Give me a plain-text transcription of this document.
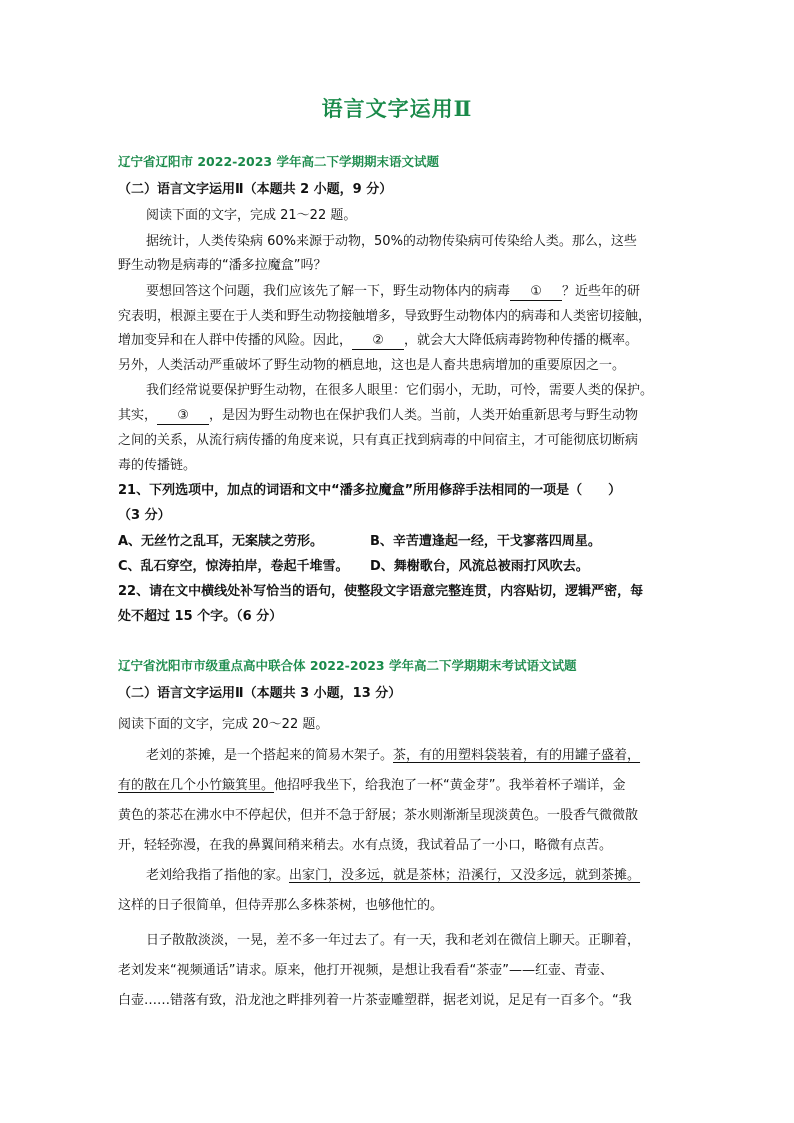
语言文字运用Ⅱ
辽宁省辽阳市 2022-2023 学年高二下学期期末语文试题
（二）语言文字运用Ⅱ（本题共 2 小题，9 分）
阅读下面的文字，完成 21～22 题。
据统计，人类传染病 60%来源于动物，50%的动物传染病可传染给人类。那么，这些
野生动物是病毒的“潘多拉魔盒”吗？
要想回答这个问题，我们应该先了解一下，野生动物体内的病毒 ① ？近些年的研
究表明，根源主要在于人类和野生动物接触增多，导致野生动物体内的病毒和人类密切接触，
增加变异和在人群中传播的风险。因此， ② ，就会大大降低病毒跨物种传播的概率。
另外，人类活动严重破坏了野生动物的栖息地，这也是人畜共患病增加的重要原因之一。
我们经常说要保护野生动物，在很多人眼里：它们弱小，无助，可怜，需要人类的保护。
其实， ③ ，是因为野生动物也在保护我们人类。当前，人类开始重新思考与野生动物
之间的关系，从流行病传播的角度来说，只有真正找到病毒的中间宿主，才可能彻底切断病
毒的传播链。
21、下列选项中，加点的词语和文中“潘多拉魔盒”所用修辞手法相同的一项是（　　）
（3 分）
A、无丝竹之乱耳，无案牍之劳形。	B、辛苦遭逢起一经，干戈寥落四周星。
C、乱石穿空，惊涛拍岸，卷起千堆雪。	D、舞榭歌台，风流总被雨打风吹去。
22、请在文中横线处补写恰当的语句，使整段文字语意完整连贯，内容贴切，逻辑严密，每
处不超过 15 个字。（6 分）
辽宁省沈阳市市级重点高中联合体 2022-2023 学年高二下学期期末考试语文试题
（二）语言文字运用Ⅱ（本题共 3 小题，13 分）
阅读下面的文字，完成 20～22 题。
老刘的茶摊，是一个搭起来的简易木架子。茶，有的用塑料袋装着，有的用罐子盛着，
有的散在几个小竹簸箕里。他招呼我坐下，给我泡了一杯“黄金芽”。我举着杯子端详，金
黄色的茶芯在沸水中不停起伏，但并不急于舒展；茶水则渐渐呈现淡黄色。一股香气微微散
开，轻轻弥漫，在我的鼻翼间稍来稍去。水有点烫，我试着品了一小口，略微有点苦。
老刘给我指了指他的家。出家门，没多远，就是茶林；沿溪行，又没多远，就到茶摊。
这样的日子很简单，但侍弄那么多株茶树，也够他忙的。
日子散散淡淡，一晃，差不多一年过去了。有一天，我和老刘在微信上聊天。正聊着，
老刘发来“视频通话”请求。原来，他打开视频，是想让我看看“茶壶”——红壶、青壶、
白壶……错落有致，沿龙池之畔排列着一片茶壶雕塑群，据老刘说，足足有一百多个。“我
